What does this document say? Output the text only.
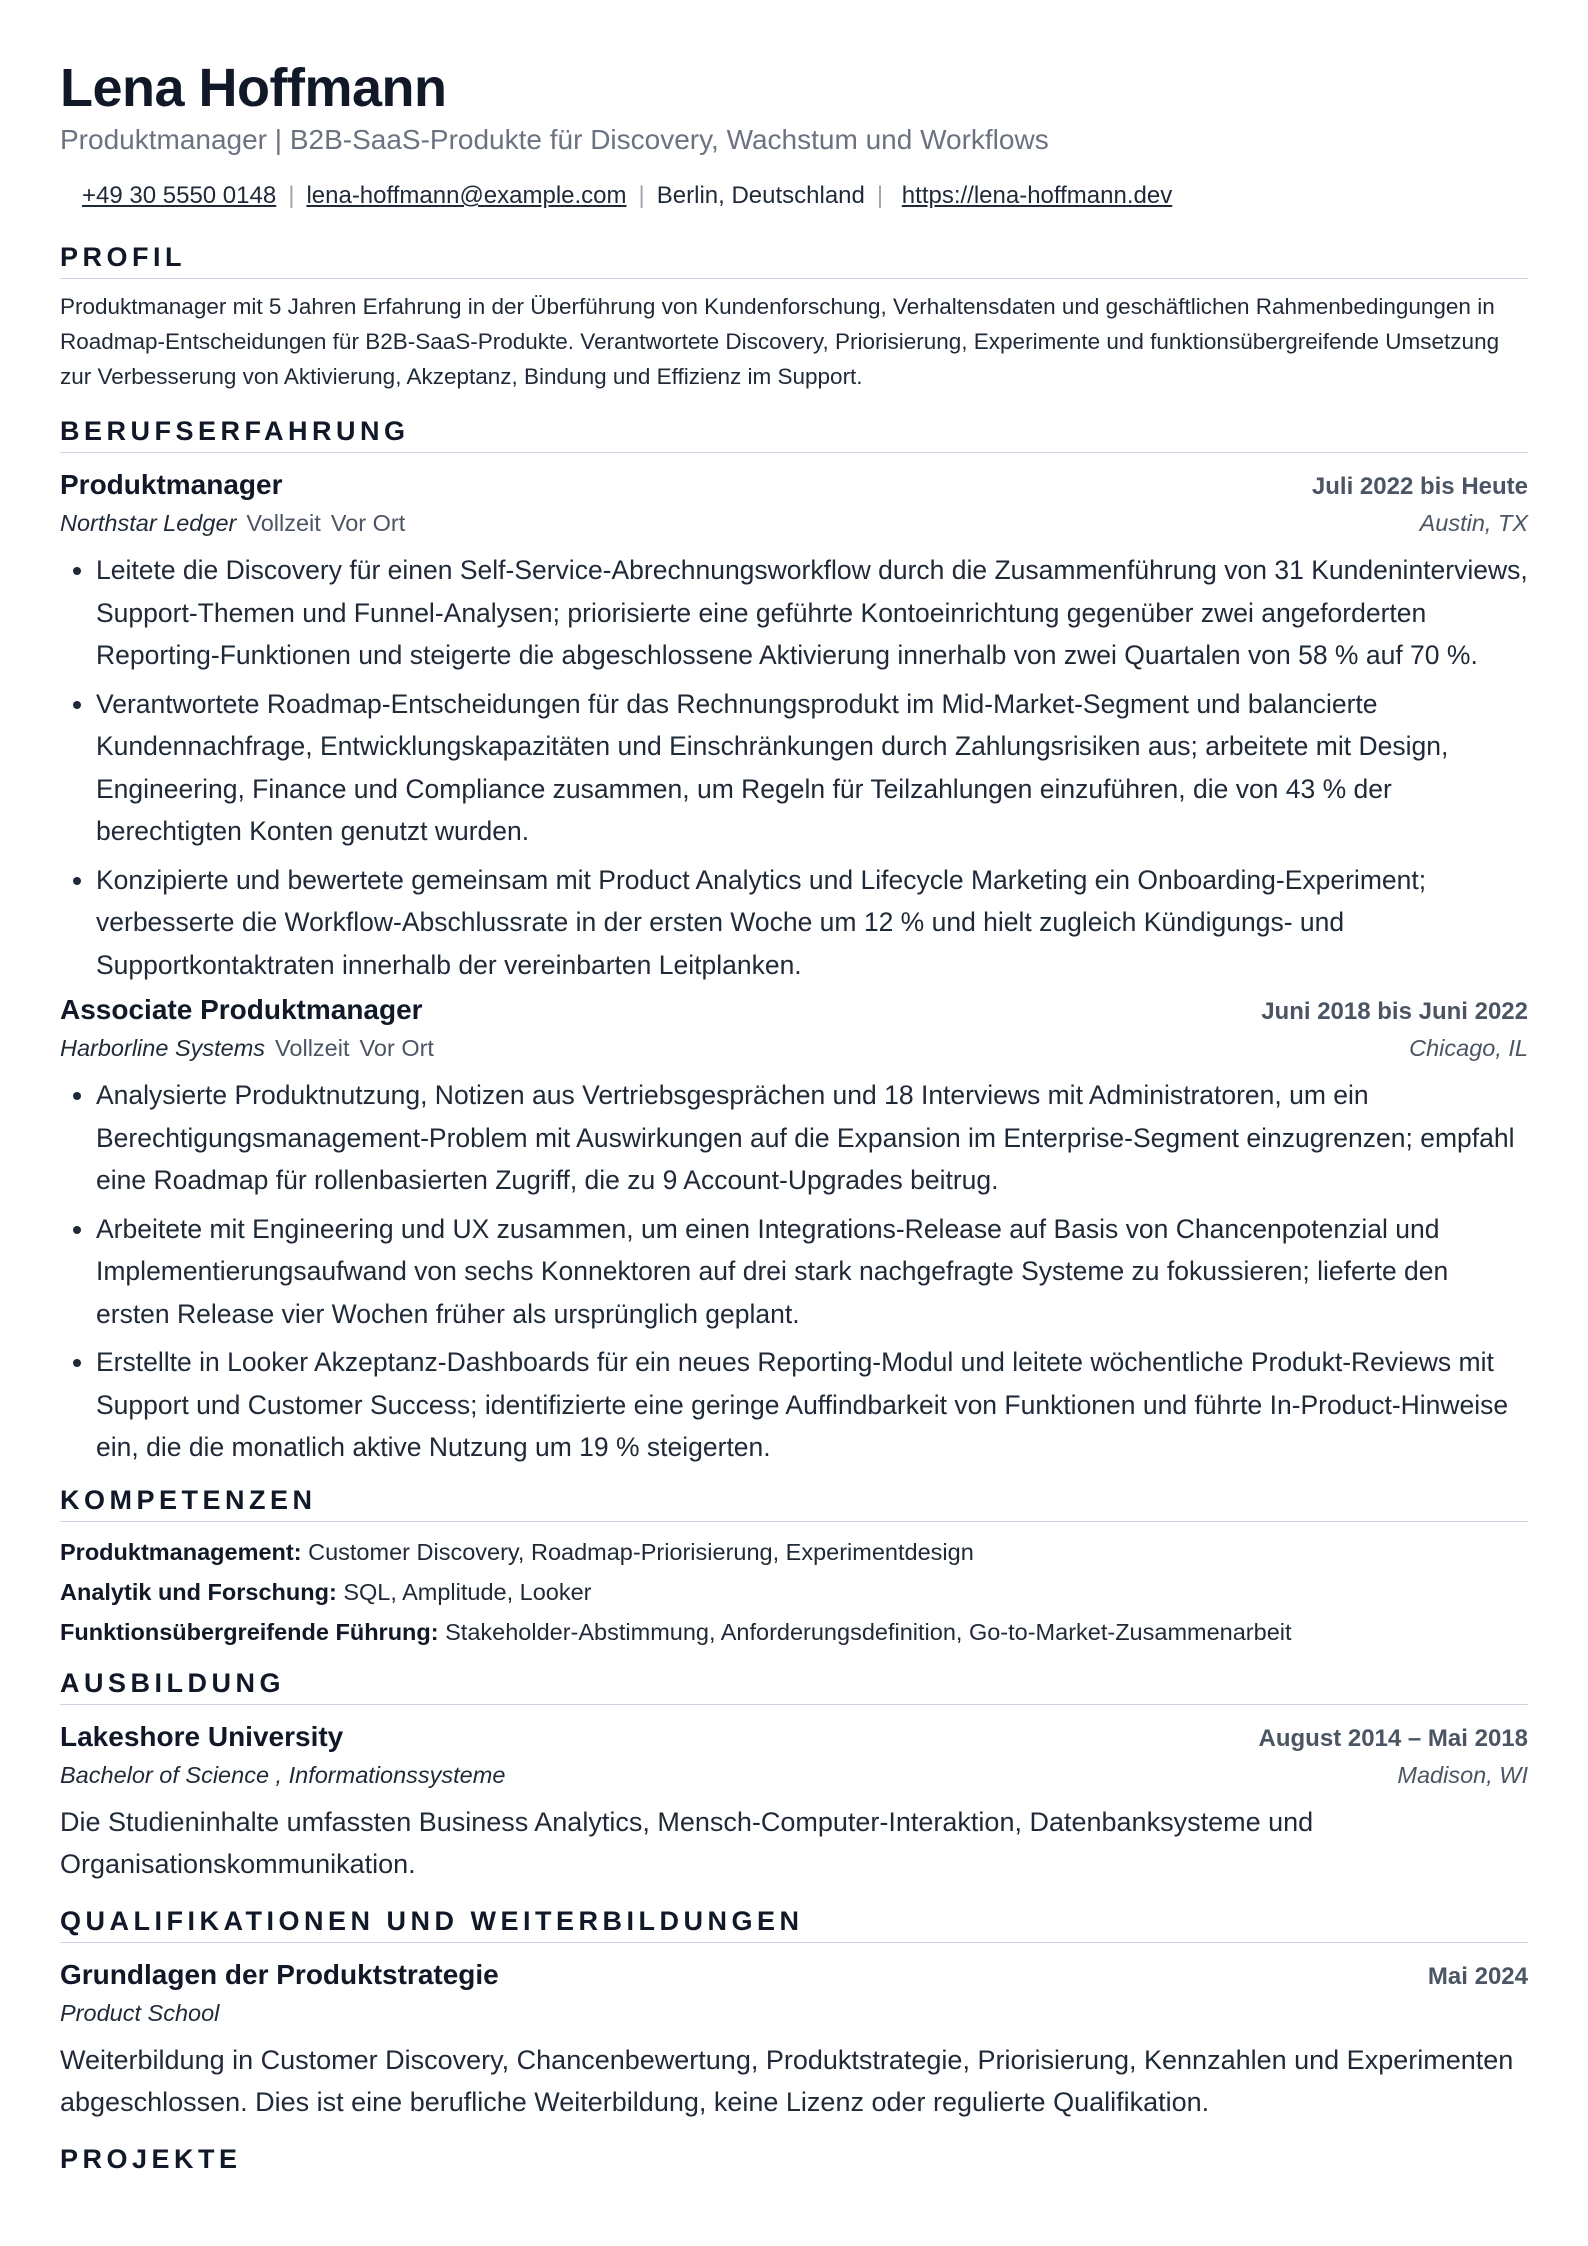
Lena Hoffmann
Produktmanager | B2B-SaaS-Produkte für Discovery, Wachstum und Workflows
+49 30 5550 0148 | lena-hoffmann@example.com | Berlin, Deutschland | https://lena-hoffmann.dev
PROFIL

Produktmanager mit 5 Jahren Erfahrung in der Überführung von Kundenforschung, Verhaltensdaten und geschäftlichen Rahmenbedingungen in Roadmap-Entscheidungen für B2B-SaaS-Produkte. Verantwortete Discovery, Priorisierung, Experimente und funktionsübergreifende Umsetzung zur Verbesserung von Aktivierung, Akzeptanz, Bindung und Effizienz im Support.

BERUFSERFAHRUNG
Produktmanager	Juli 2022 bis Heute
Northstar Ledger Vollzeit Vor Ort	Austin, TX
• Leitete die Discovery für einen Self-Service-Abrechnungsworkflow durch die Zusammenführung von 31 Kundeninterviews, Support-Themen und Funnel-Analysen; priorisierte eine geführte Kontoeinrichtung gegenüber zwei angeforderten Reporting-Funktionen und steigerte die abgeschlossene Aktivierung innerhalb von zwei Quartalen von 58 % auf 70 %.
• Verantwortete Roadmap-Entscheidungen für das Rechnungsprodukt im Mid-Market-Segment und balancierte Kundennachfrage, Entwicklungskapazitäten und Einschränkungen durch Zahlungsrisiken aus; arbeitete mit Design, Engineering, Finance und Compliance zusammen, um Regeln für Teilzahlungen einzuführen, die von 43 % der berechtigten Konten genutzt wurden.
• Konzipierte und bewertete gemeinsam mit Product Analytics und Lifecycle Marketing ein Onboarding-Experiment; verbesserte die Workflow-Abschlussrate in der ersten Woche um 12 % und hielt zugleich Kündigungs- und Supportkontaktraten innerhalb der vereinbarten Leitplanken.
Associate Produktmanager	Juni 2018 bis Juni 2022
Harborline Systems Vollzeit Vor Ort	Chicago, IL
• Analysierte Produktnutzung, Notizen aus Vertriebsgesprächen und 18 Interviews mit Administratoren, um ein Berechtigungsmanagement-Problem mit Auswirkungen auf die Expansion im Enterprise-Segment einzugrenzen; empfahl eine Roadmap für rollenbasierten Zugriff, die zu 9 Account-Upgrades beitrug.
• Arbeitete mit Engineering und UX zusammen, um einen Integrations-Release auf Basis von Chancenpotenzial und Implementierungsaufwand von sechs Konnektoren auf drei stark nachgefragte Systeme zu fokussieren; lieferte den ersten Release vier Wochen früher als ursprünglich geplant.
• Erstellte in Looker Akzeptanz-Dashboards für ein neues Reporting-Modul und leitete wöchentliche Produkt-Reviews mit Support und Customer Success; identifizierte eine geringe Auffindbarkeit von Funktionen und führte In-Product-Hinweise ein, die die monatlich aktive Nutzung um 19 % steigerten.
KOMPETENZEN
Produktmanagement: Customer Discovery, Roadmap-Priorisierung, Experimentdesign
Analytik und Forschung: SQL, Amplitude, Looker
Funktionsübergreifende Führung: Stakeholder-Abstimmung, Anforderungsdefinition, Go-to-Market-Zusammenarbeit
AUSBILDUNG
Lakeshore University	August 2014 – Mai 2018
Bachelor of Science , Informationssysteme	Madison, WI

Die Studieninhalte umfassten Business Analytics, Mensch-Computer-Interaktion, Datenbanksysteme und Organisationskommunikation.

QUALIFIKATIONEN UND WEITERBILDUNGEN
Grundlagen der Produktstrategie	Mai 2024
Product School

Weiterbildung in Customer Discovery, Chancenbewertung, Produktstrategie, Priorisierung, Kennzahlen und Experimenten abgeschlossen. Dies ist eine berufliche Weiterbildung, keine Lizenz oder regulierte Qualifikation.

PROJEKTE
